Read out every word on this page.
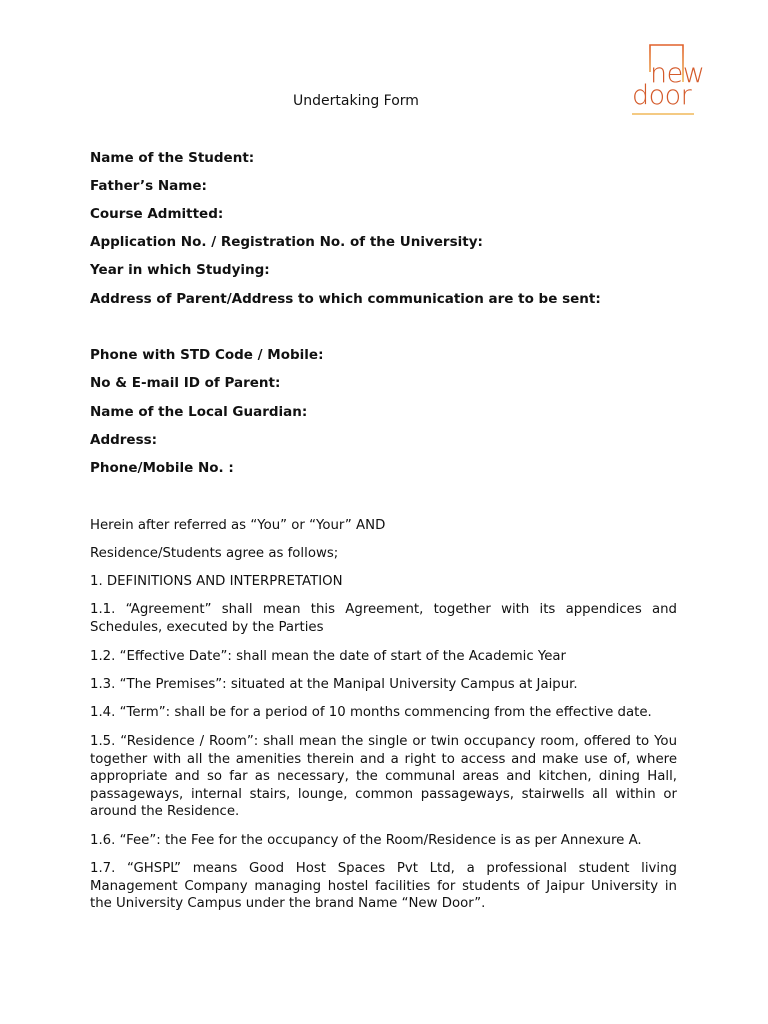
new
door
Undertaking Form
Name of the Student:
Father’s Name:
Course Admitted:
Application No. / Registration No. of the University:
Year in which Studying:
Address of Parent/Address to which communication are to be sent:
Phone with STD Code / Mobile:
No & E-mail ID of Parent:
Name of the Local Guardian:
Address:
Phone/Mobile No. :

Herein after referred as “You” or “Your” AND

Residence/Students agree as follows;

1. DEFINITIONS AND INTERPRETATION

1.1. “Agreement” shall mean this Agreement, together with its appendices and Schedules, executed by the Parties

1.2. “Effective Date”: shall mean the date of start of the Academic Year

1.3. “The Premises”: situated at the Manipal University Campus at Jaipur.

1.4. “Term”: shall be for a period of 10 months commencing from the effective date.

1.5. “Residence / Room”: shall mean the single or twin occupancy room, offered to You together with all the amenities therein and a right to access and make use of, where appropriate and so far as necessary, the communal areas and kitchen, dining Hall, passageways, internal stairs, lounge, common passageways, stairwells all within or around the Residence.

1.6. “Fee”: the Fee for the occupancy of the Room/Residence is as per Annexure A.

1.7. “GHSPL” means Good Host Spaces Pvt Ltd, a professional student living Management Company managing hostel facilities for students of Jaipur University in the University Campus under the brand Name “New Door”.
